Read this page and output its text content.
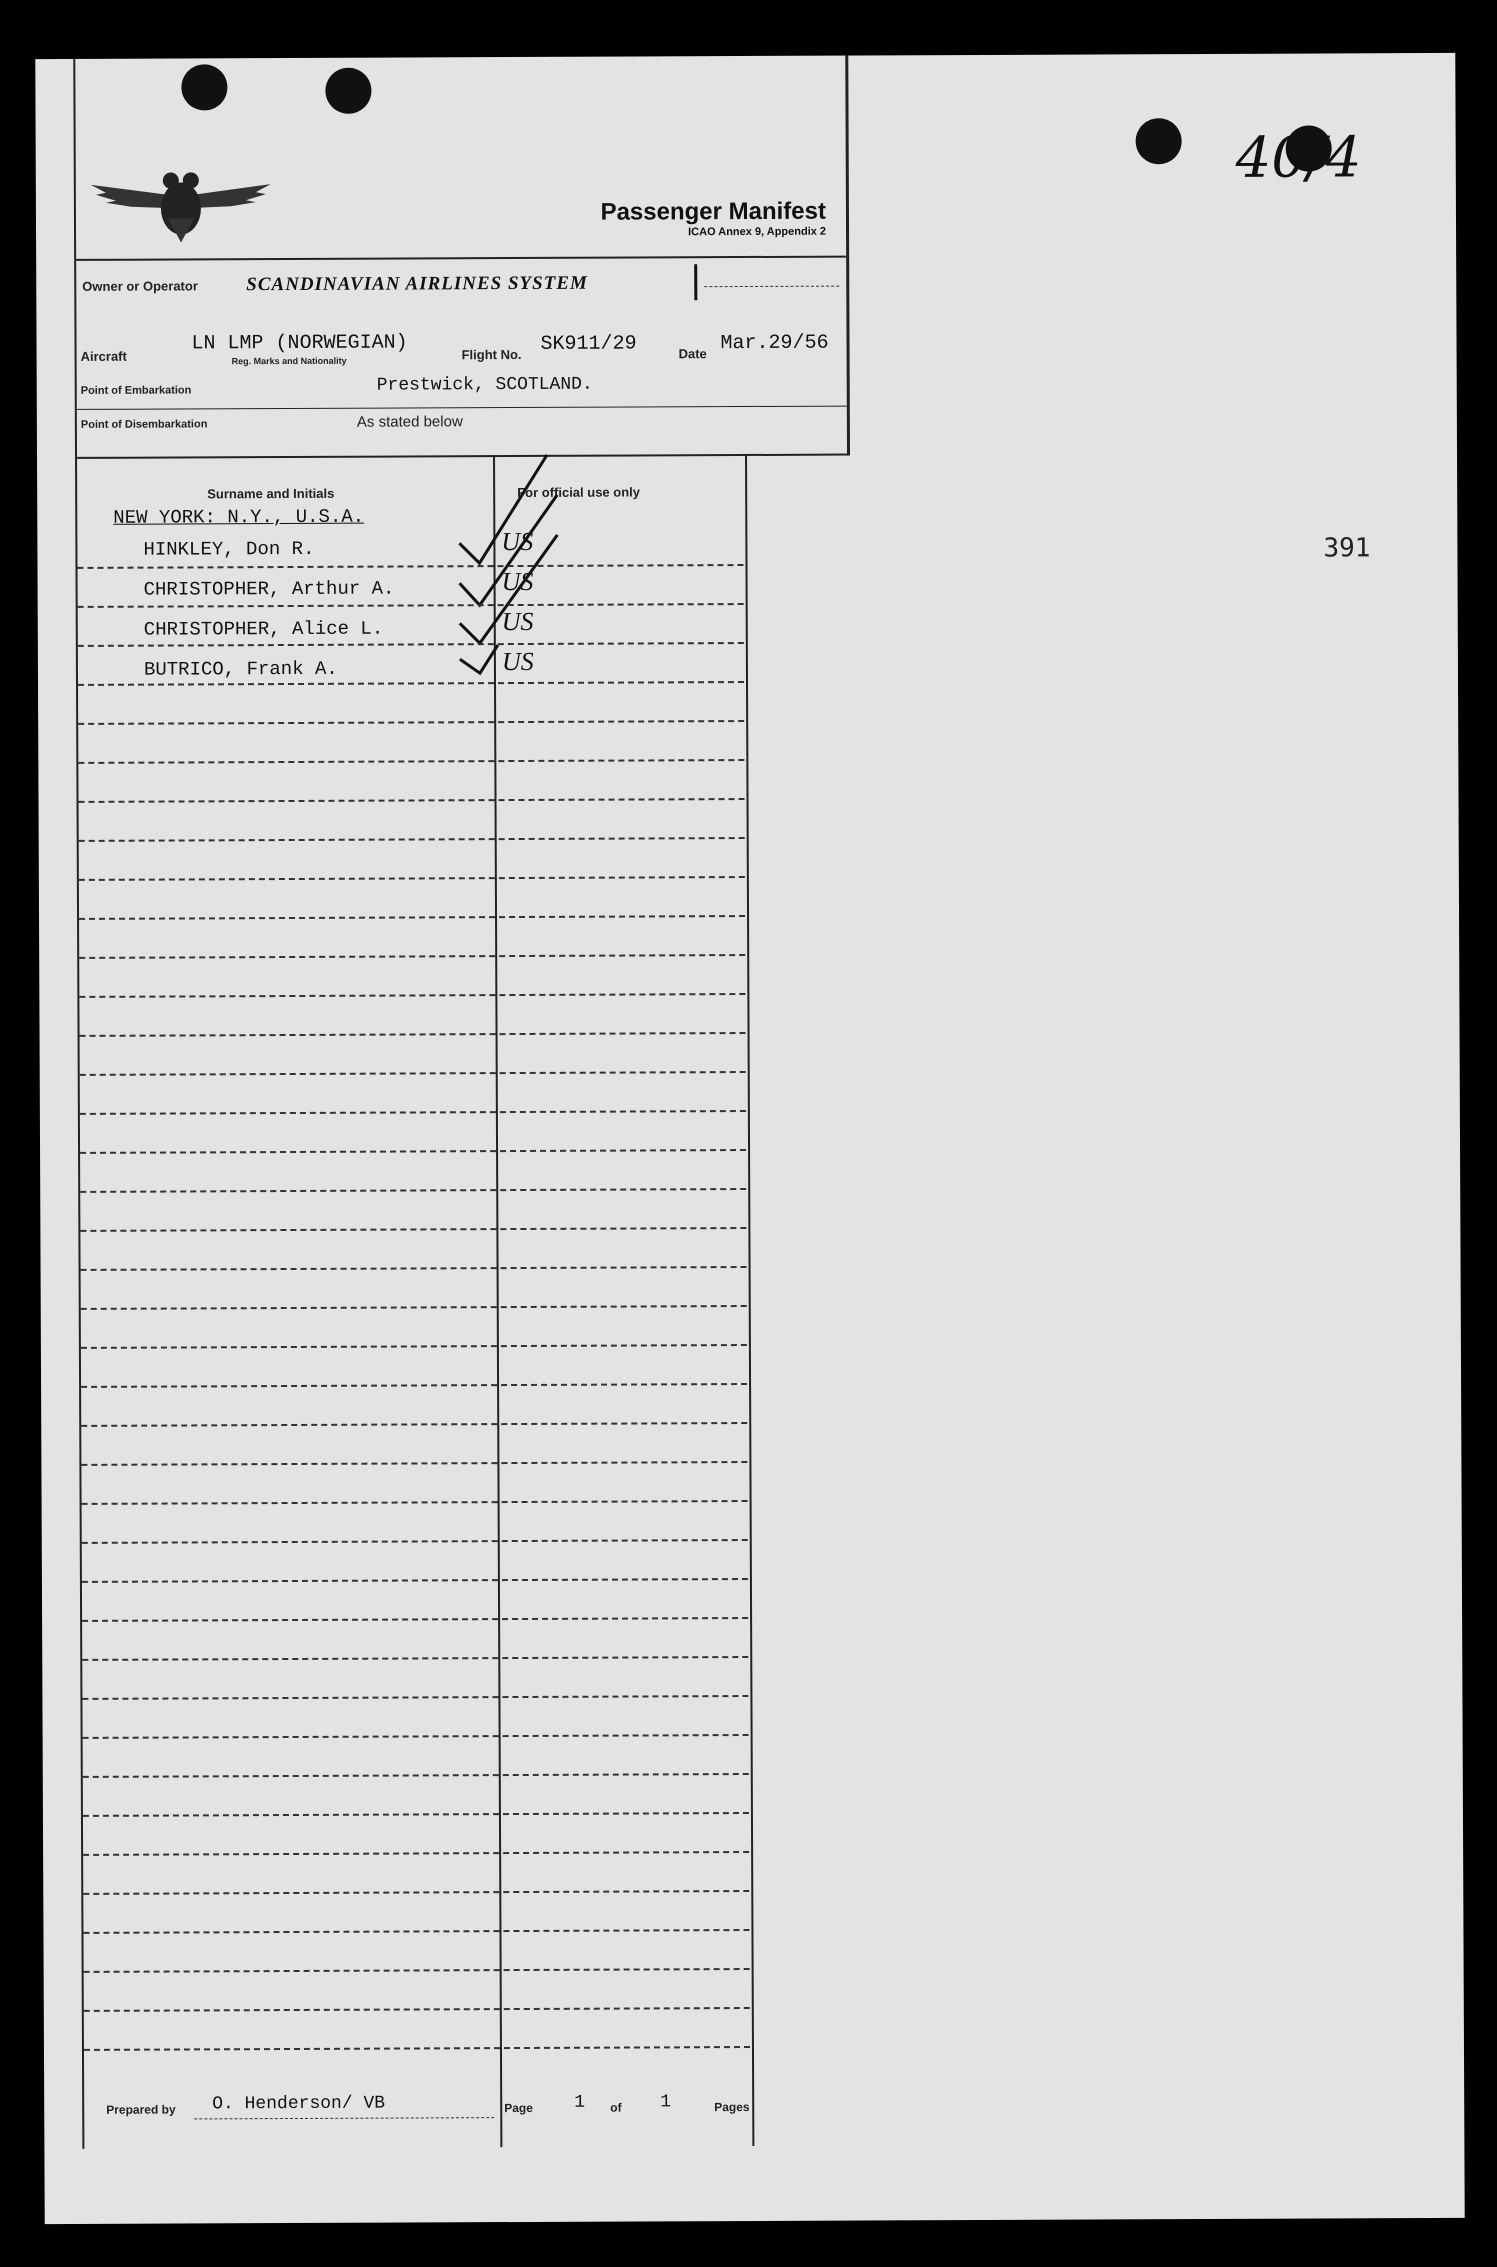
40/4
391
Passenger Manifest
ICAO Annex 9, Appendix 2
Owner or Operator	SCANDINAVIAN AIRLINES SYSTEM
Aircraft
LN LMP (NORWEGIAN)
Reg. Marks and Nationality	Flight No. SK911/29	Date Mar.29/56
Point of Embarkation	Prestwick, SCOTLAND.
Point of Disembarkation	As stated below
Surname and Initials	For official use only
NEW YORK: N.Y., U.S.A.
HINKLEY, Don R.	US
CHRISTOPHER, Arthur A.	US
CHRISTOPHER, Alice L.	US
BUTRICO, Frank A.	US
Prepared by O. Henderson/ VB	Page 1 of 1	Pages
